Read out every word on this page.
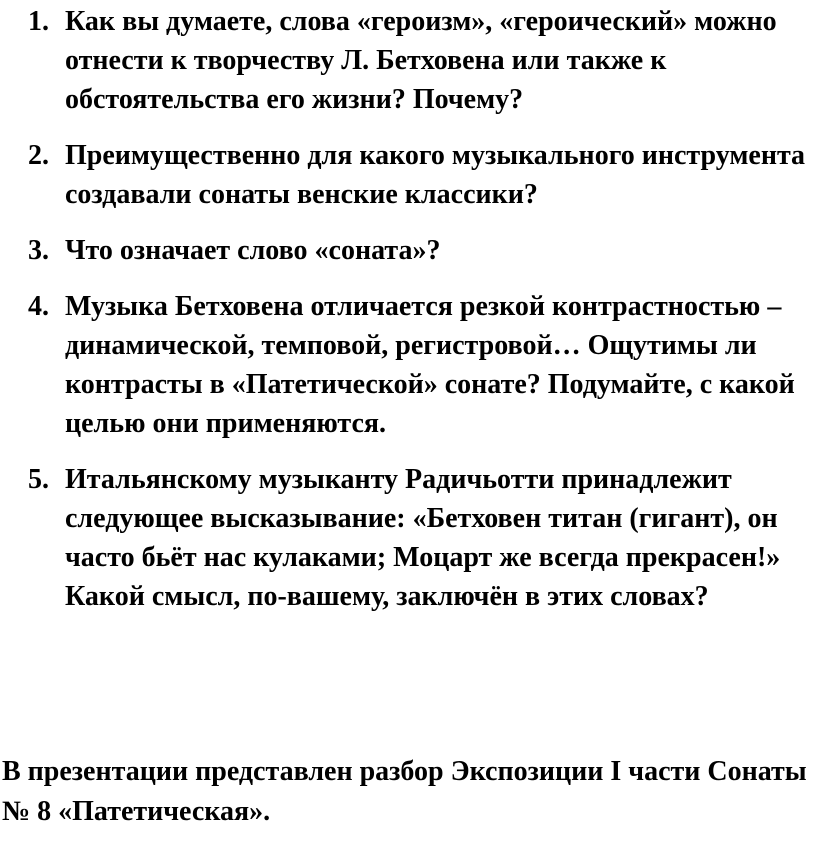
1. Как вы думаете, слова «героизм», «героический» можно отнести к творчеству Л. Бетховена или также к обстоятельства его жизни? Почему?
2. Преимущественно для какого музыкального инструмента создавали сонаты венские классики?
3. Что означает слово «соната»?
4. Музыка Бетховена отличается резкой контрастностью – динамической, темповой, регистровой… Ощутимы ли контрасты в «Патетической» сонате? Подумайте, с какой целью они применяются.
5. Итальянскому музыканту Радичьотти принадлежит следующее высказывание: «Бетховен титан (гигант), он часто бьёт нас кулаками; Моцарт же всегда прекрасен!» Какой смысл, по-вашему, заключён в этих словах?

В презентации представлен разбор Экспозиции I части Сонаты № 8 «Патетическая».
